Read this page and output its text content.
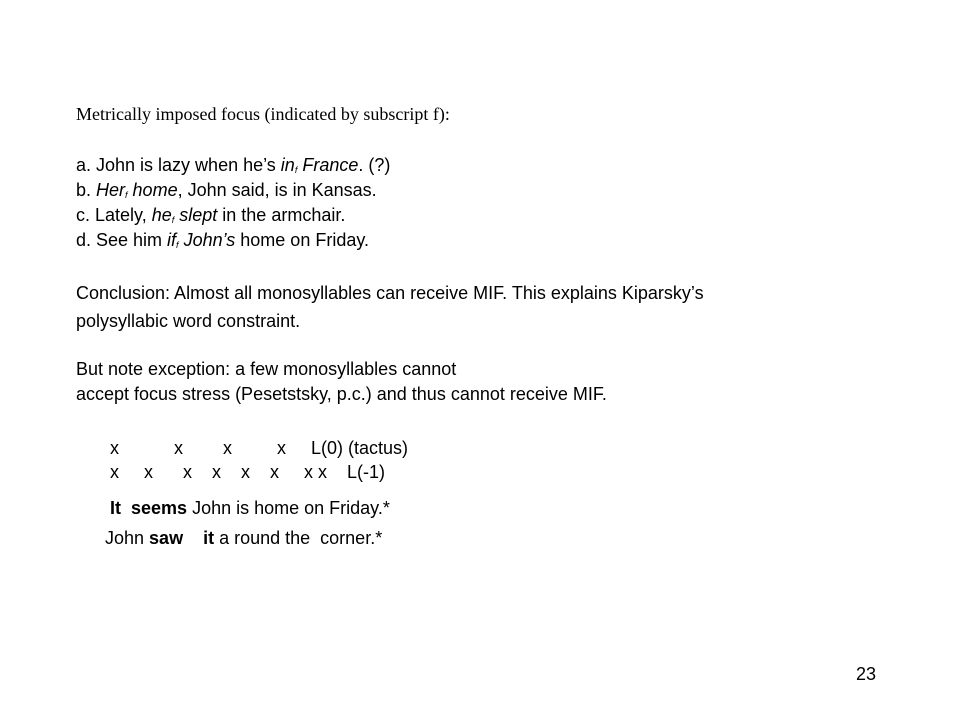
Metrically imposed focus (indicated by subscript f):
a. John is lazy when he’s $in_f$ France. (?)
b. Her$_f$ home, John said, is in Kansas.
c. Lately, $he_f$ slept in the armchair.
d. See him $if_f$ John’s home on Friday.
Conclusion: Almost all monosyllables can receive MIF. This explains Kiparsky’s
polysyllabic word constraint.
But note exception: a few monosyllables cannot
accept focus stress (Pesetstsky, p.c.) and thus cannot receive MIF.
x           x        x         x     L(0) (tactus)
x     x      x    x    x    x     x x    L(-1)
It seems John is home on Friday.*
John saw it a round the  corner.*
23
